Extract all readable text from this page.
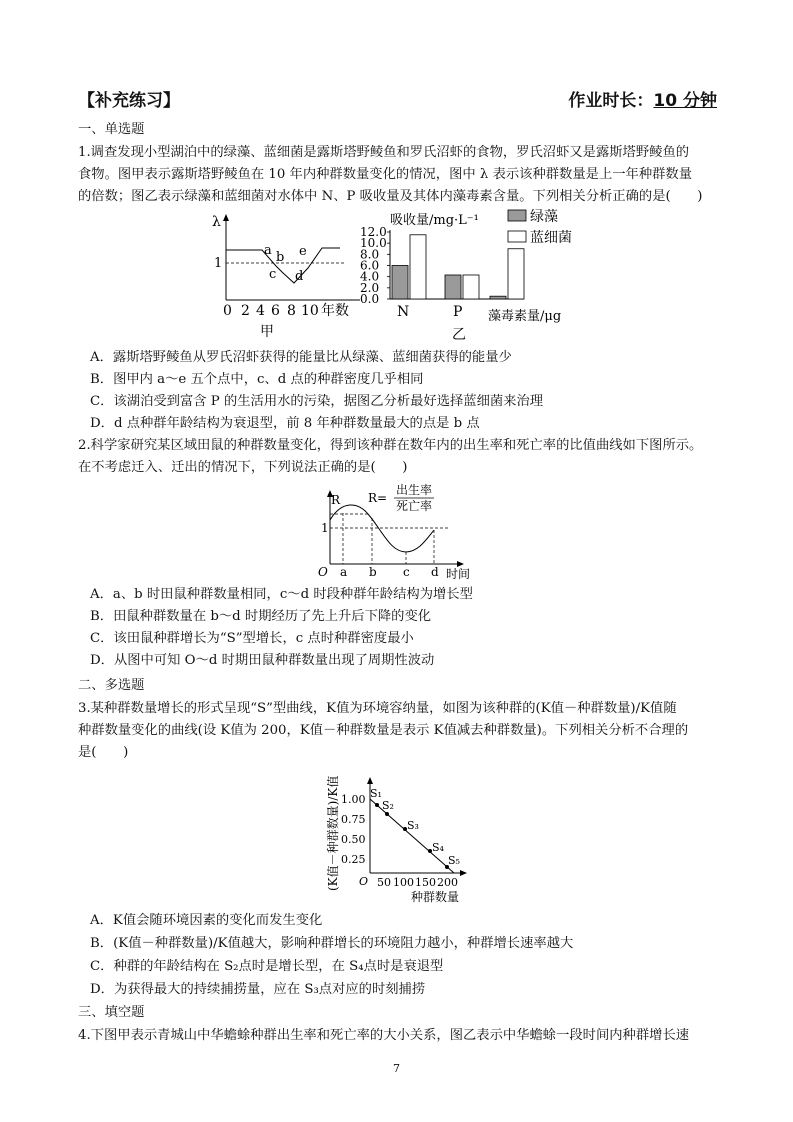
【补充练习】	作业时长：10 分钟
一、单选题
1.调查发现小型湖泊中的绿藻、蓝细菌是露斯塔野鲮鱼和罗氏沼虾的食物，罗氏沼虾又是露斯塔野鲮鱼的
食物。图甲表示露斯塔野鲮鱼在 10 年内种群数量变化的情况，图中 λ 表示该种群数量是上一年种群数量
的倍数；图乙表示绿藻和蓝细菌对水体中 N、P 吸收量及其体内藻毒素含量。下列相关分析正确的是(　　)
λ
1
a b
c d
e
0 2 4 6 8 10 年数
甲
吸收量/mg·L⁻¹
12.0
10.0
8.0
6.0
4.0
2.0
0.0
N	P 藻毒素量/μg
绿藻
蓝细菌
乙
A．露斯塔野鲮鱼从罗氏沼虾获得的能量比从绿藻、蓝细菌获得的能量少
B．图甲内 a～e 五个点中，c、d 点的种群密度几乎相同
C．该湖泊受到富含 P 的生活用水的污染，据图乙分析最好选择蓝细菌来治理
D．d 点种群年龄结构为衰退型，前 8 年种群数量最大的点是 b 点
2.科学家研究某区域田鼠的种群数量变化，得到该种群在数年内的出生率和死亡率的比值曲线如下图所示。
在不考虑迁入、迁出的情况下，下列说法正确的是(　　)
R R=
出生率
死亡率
1
O a b c d 时间
A．a、b 时田鼠种群数量相同，c～d 时段种群年龄结构为增长型
B．田鼠种群数量在 b～d 时期经历了先上升后下降的变化
C．该田鼠种群增长为“S”型增长，c 点时种群密度最小
D．从图中可知 O～d 时期田鼠种群数量出现了周期性波动
二、多选题
3.某种群数量增长的形式呈现“S”型曲线，K值为环境容纳量，如图为该种群的(K值－种群数量)/K值随
种群数量变化的曲线(设 K值为 200，K值－种群数量是表示 K值减去种群数量)。下列相关分析不合理的
是(　　)
(K值－种群数量)/K值 1.00
0.75
0.50
0.25
S₁
S₂
S₃
S₄
S₅
O 50 100 150 200
种群数量
A．K值会随环境因素的变化而发生变化
B．(K值－种群数量)/K值越大，影响种群增长的环境阻力越小，种群增长速率越大
C．种群的年龄结构在 S₂点时是增长型，在 S₄点时是衰退型
D．为获得最大的持续捕捞量，应在 S₃点对应的时刻捕捞
三、填空题
4.下图甲表示青城山中华蟾蜍种群出生率和死亡率的大小关系，图乙表示中华蟾蜍一段时间内种群增长速
7
